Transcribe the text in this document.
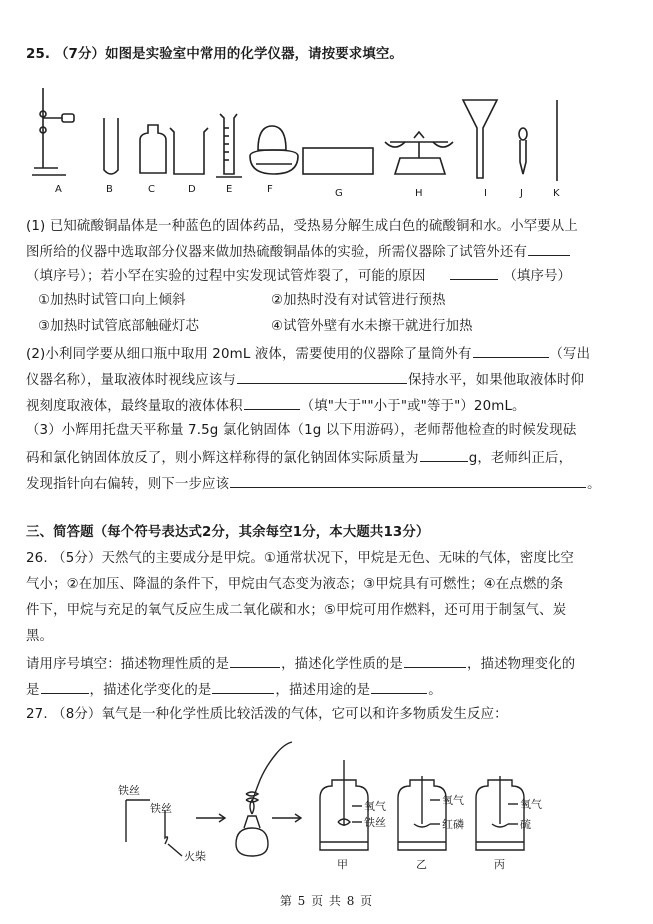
25. （7分）如图是实验室中常用的化学仪器，请按要求填空。
A	B	C	D	E	F	G	H	I	J	K
(1) 已知硫酸铜晶体是一种蓝色的固体药品，受热易分解生成白色的硫酸铜和水。小罕要从上
图所给的仪器中选取部分仪器来做加热硫酸铜晶体的实验，所需仪器除了试管外还有
（填序号）；若小罕在实验的过程中实发现试管炸裂了，可能的原因	（填序号）
①加热时试管口向上倾斜	②加热时没有对试管进行预热
③加热时试管底部触碰灯芯	④试管外壁有水未擦干就进行加热
(2)小利同学要从细口瓶中取用 20mL 液体，需要使用的仪器除了量筒外有	（写出
仪器名称），量取液体时视线应该与	保持水平，如果他取液体时仰
视刻度取液体，最终量取的液体体积	（填"大于""小于"或"等于"）20mL。
（3）小辉用托盘天平称量 7.5g 氯化钠固体（1g 以下用游码），老师帮他检查的时候发现砝
码和氯化钠固体放反了，则小辉这样称得的氯化钠固体实际质量为	g，老师纠正后，
发现指针向右偏转，则下一步应该	。
三、简答题（每个符号表达式2分，其余每空1分，本大题共13分）
26. （5分）天然气的主要成分是甲烷。①通常状况下，甲烷是无色、无味的气体，密度比空
气小；②在加压、降温的条件下，甲烷由气态变为液态；③甲烷具有可燃性；④在点燃的条
件下，甲烷与充足的氧气反应生成二氧化碳和水；⑤甲烷可用作燃料，还可用于制氢气、炭
黑。
请用序号填空：描述物理性质的是	，描述化学性质的是	，描述物理变化的
是	，描述化学变化的是	，描述用途的是	。
27. （8分）氧气是一种化学性质比较活泼的气体，它可以和许多物质发生反应：
铁丝
铁丝
火柴
氧气
铁丝
氧气
红磷
氧气
硫
甲	乙	丙
第 5 页 共 8 页
